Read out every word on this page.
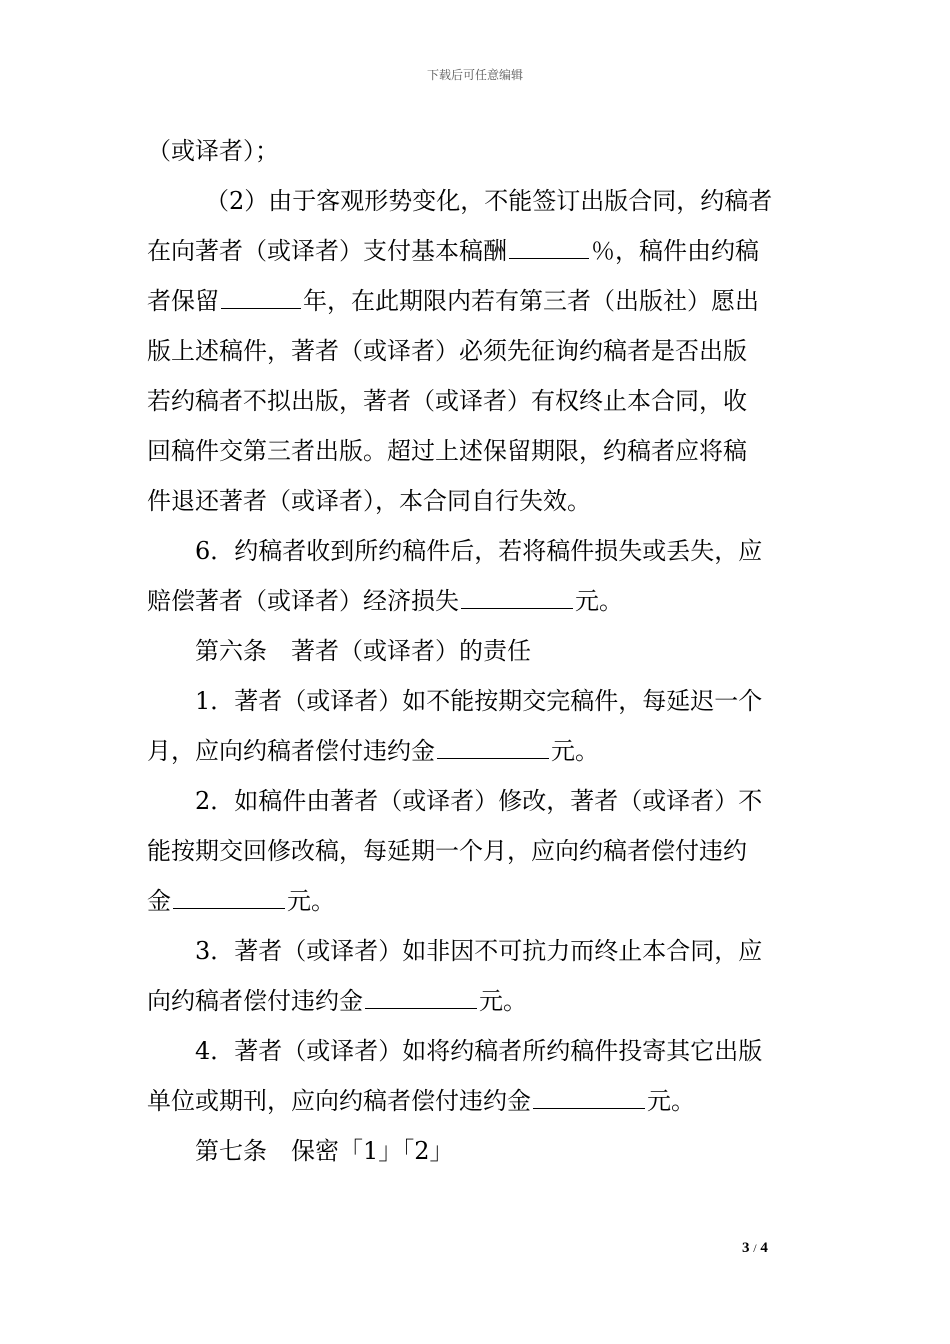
下载后可任意编辑
（或译者）；
（2）由于客观形势变化，不能签订出版合同，约稿者
在向著者（或译者）支付基本稿酬	％，稿件由约稿
者保留	年，在此期限内若有第三者（出版社）愿出
版上述稿件，著者（或译者）必须先征询约稿者是否出版
若约稿者不拟出版，著者（或译者）有权终止本合同，收
回稿件交第三者出版。超过上述保留期限，约稿者应将稿
件退还著者（或译者），本合同自行失效。
6．约稿者收到所约稿件后，若将稿件损失或丢失，应
赔偿著者（或译者）经济损失	元。
第六条　著者（或译者）的责任
1．著者（或译者）如不能按期交完稿件，每延迟一个
月，应向约稿者偿付违约金	元。
2．如稿件由著者（或译者）修改，著者（或译者）不
能按期交回修改稿，每延期一个月，应向约稿者偿付违约
金	元。
3．著者（或译者）如非因不可抗力而终止本合同，应
向约稿者偿付违约金	元。
4．著者（或译者）如将约稿者所约稿件投寄其它出版
单位或期刊，应向约稿者偿付违约金	元。
第七条　保密「1」「2」
3 / 4
